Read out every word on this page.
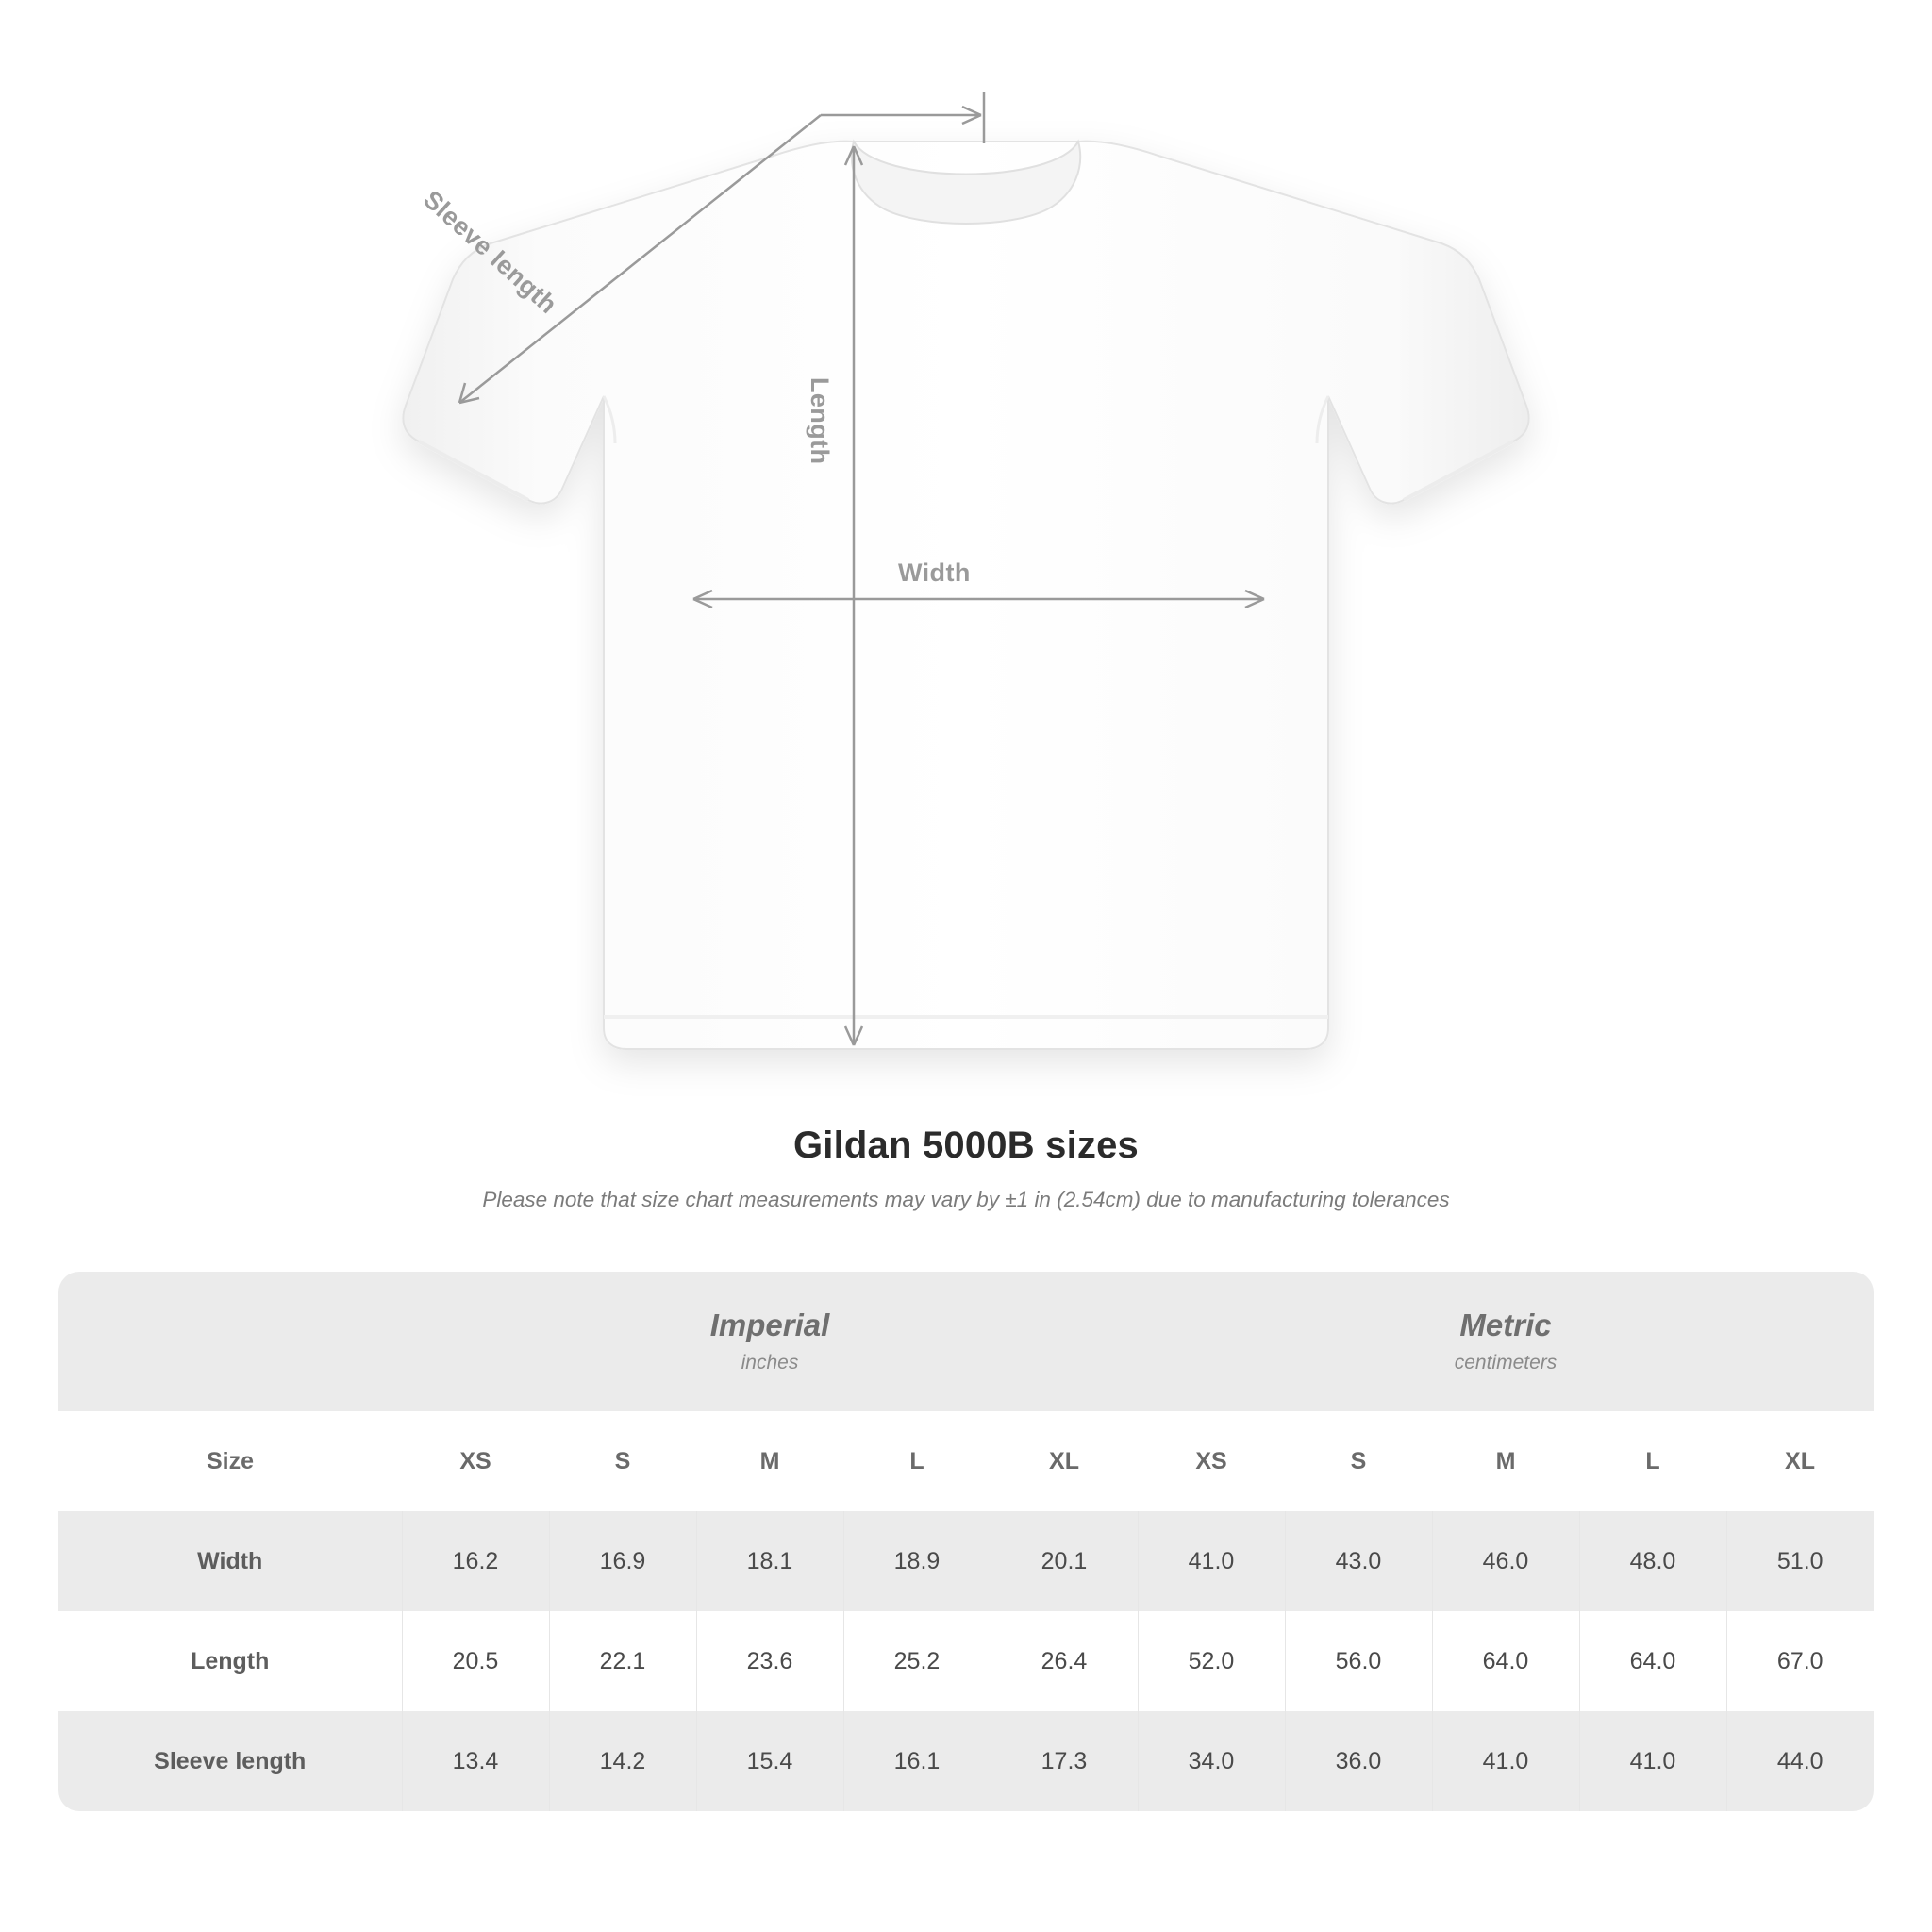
Width
Length
Sleeve length
Gildan 5000B sizes
Please note that size chart measurements may vary by ±1 in (2.54cm) due to manufacturing tolerances

Imperial
inches

Metric
centimeters

Size	XS	S	M	L	XL	XS	S	M	L	XL
Width	16.2	16.9	18.1	18.9	20.1	41.0	43.0	46.0	48.0	51.0
Length	20.5	22.1	23.6	25.2	26.4	52.0	56.0	64.0	64.0	67.0
Sleeve length	13.4	14.2	15.4	16.1	17.3	34.0	36.0	41.0	41.0	44.0
